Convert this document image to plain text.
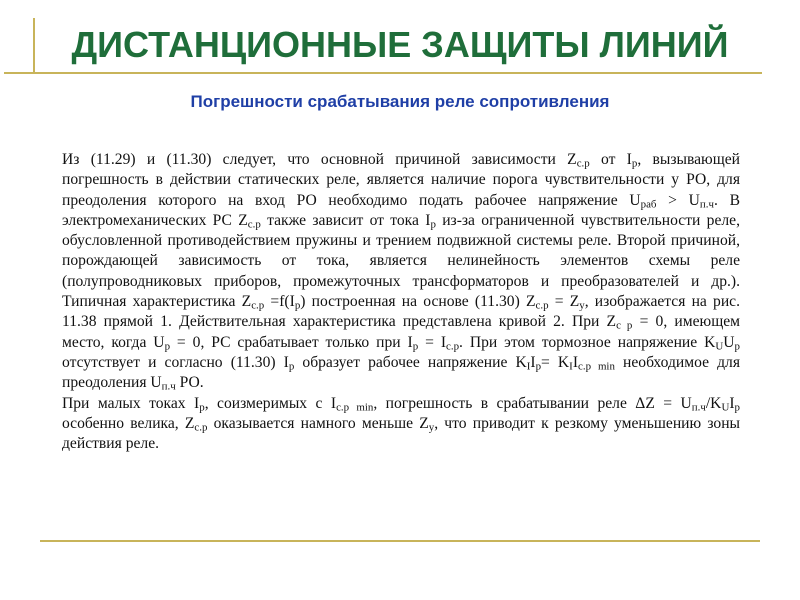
ДИСТАНЦИОННЫЕ ЗАЩИТЫ ЛИНИЙ
Погрешности срабатывания реле сопротивления

Из (11.29) и (11.30) следует, что основной причиной зависимости $Z_{с.р}$ от $I_р$, вызывающей погрешность в действии статических реле, является наличие порога чувствительности у РО, для преодоления которого на вход РО необходимо подать рабочее напряжение $U_{раб} > U_{п.ч}$. В электромеханических РС $Z_{с.р}$ также зависит от тока $I_р$ из-за ограниченной чувствительности реле, обусловленной противодействием пружины и трением подвижной системы реле. Второй причиной, порождающей зависимость от тока, является нелинейность элементов схемы реле (полупроводниковых приборов, промежуточных трансформаторов и преобразователей и др.). Типичная характеристика $Z_{с.р} =f(I_р)$ построенная на основе (11.30) $Z_{с.р} = Z_y$, изображается на рис. 11.38 прямой 1. Действительная характеристика представлена кривой 2. При $Z_{с р} = 0$, имеющем место, когда $U_р = 0$, РС срабатывает только при $I_р = I_{с.р}$. При этом тормозное напряжение $K_UU_р$ отсутствует и согласно (11.30) $I_р$ образует рабочее напряжение $K_II_р= K_II_{с.р min}$ необходимое для преодоления $U_{п.ч}$ РО.

При малых токах $I_р$, соизмеримых с $I_{с.р min}$, погрешность в срабатывании реле $\Delta Z = U_{п.ч}/K_UI_р$ особенно велика, $Z_{с.р}$ оказывается намного меньше $Z_y$, что приводит к резкому уменьшению зоны действия реле.
